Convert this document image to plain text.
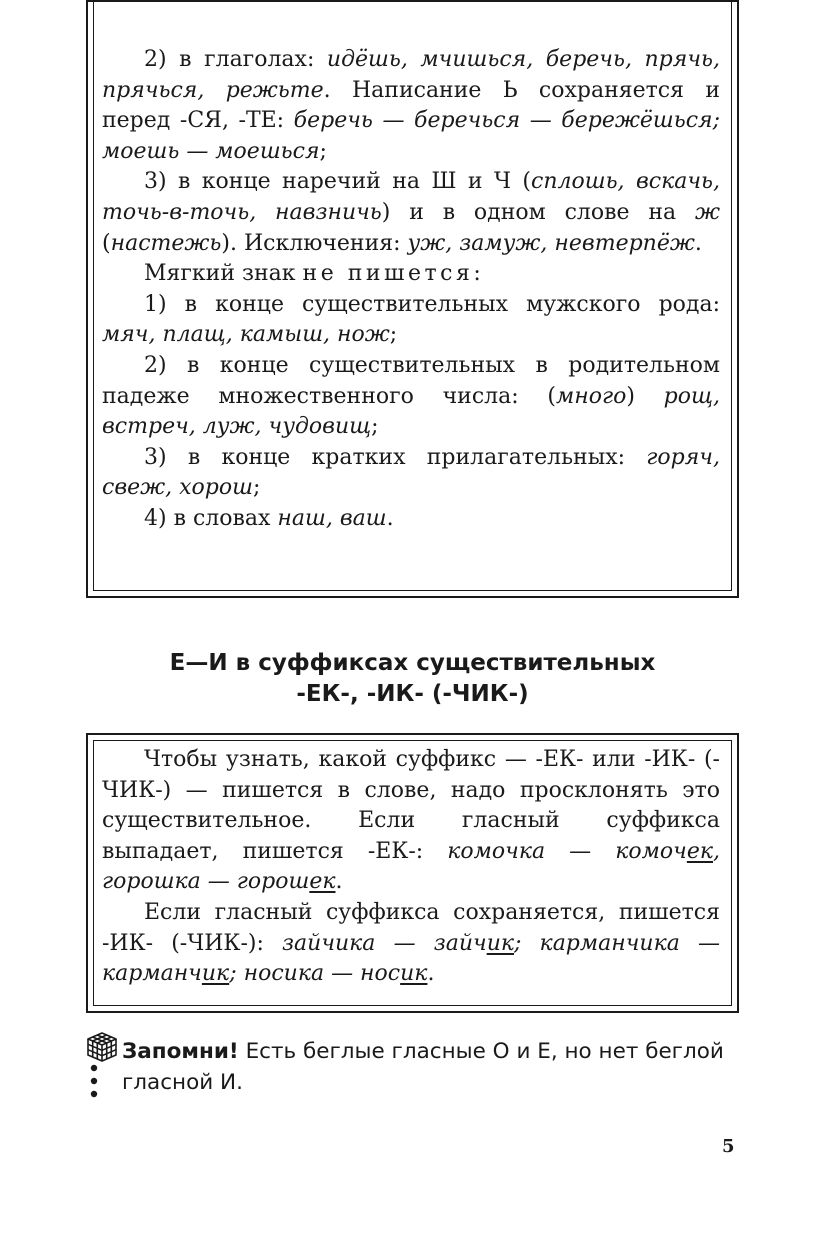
2) в глаголах: идёшь, мчишься, беречь, прячь, прячься, режьте. Написание Ь сохраняется и перед -СЯ, -ТЕ: беречь — беречься — бережёшься; моешь — моешься;

3) в конце наречий на Ш и Ч (сплошь, вскачь, точь-в-точь, навзничь) и в одном слове на ж (настежь). Исключения: уж, замуж, невтерпёж.

Мягкий знак не пишется:

1) в конце существительных мужского рода: мяч, плащ, камыш, нож;

2) в конце существительных в родительном падеже множественного числа: (много) рощ, встреч, луж, чудовищ;

3) в конце кратких прилагательных: горяч, свеж, хорош;

4) в словах наш, ваш.

Е—И в суффиксах существительных
-ЕК-, -ИК- (-ЧИК-)

Чтобы узнать, какой суффикс — -ЕК- или -ИК- (-ЧИК-) — пишется в слове, надо просклонять это существительное. Если гласный суффикса выпадает, пишется -ЕК-: комочка — комочек, горошка — горошек.

Если гласный суффикса сохраняется, пишется -ИК- (-ЧИК-): зайчика — зайчик; карманчика — карманчик; носика — носик.

Запомни! Есть беглые гласные О и Е, но нет беглой гласной И.

5
